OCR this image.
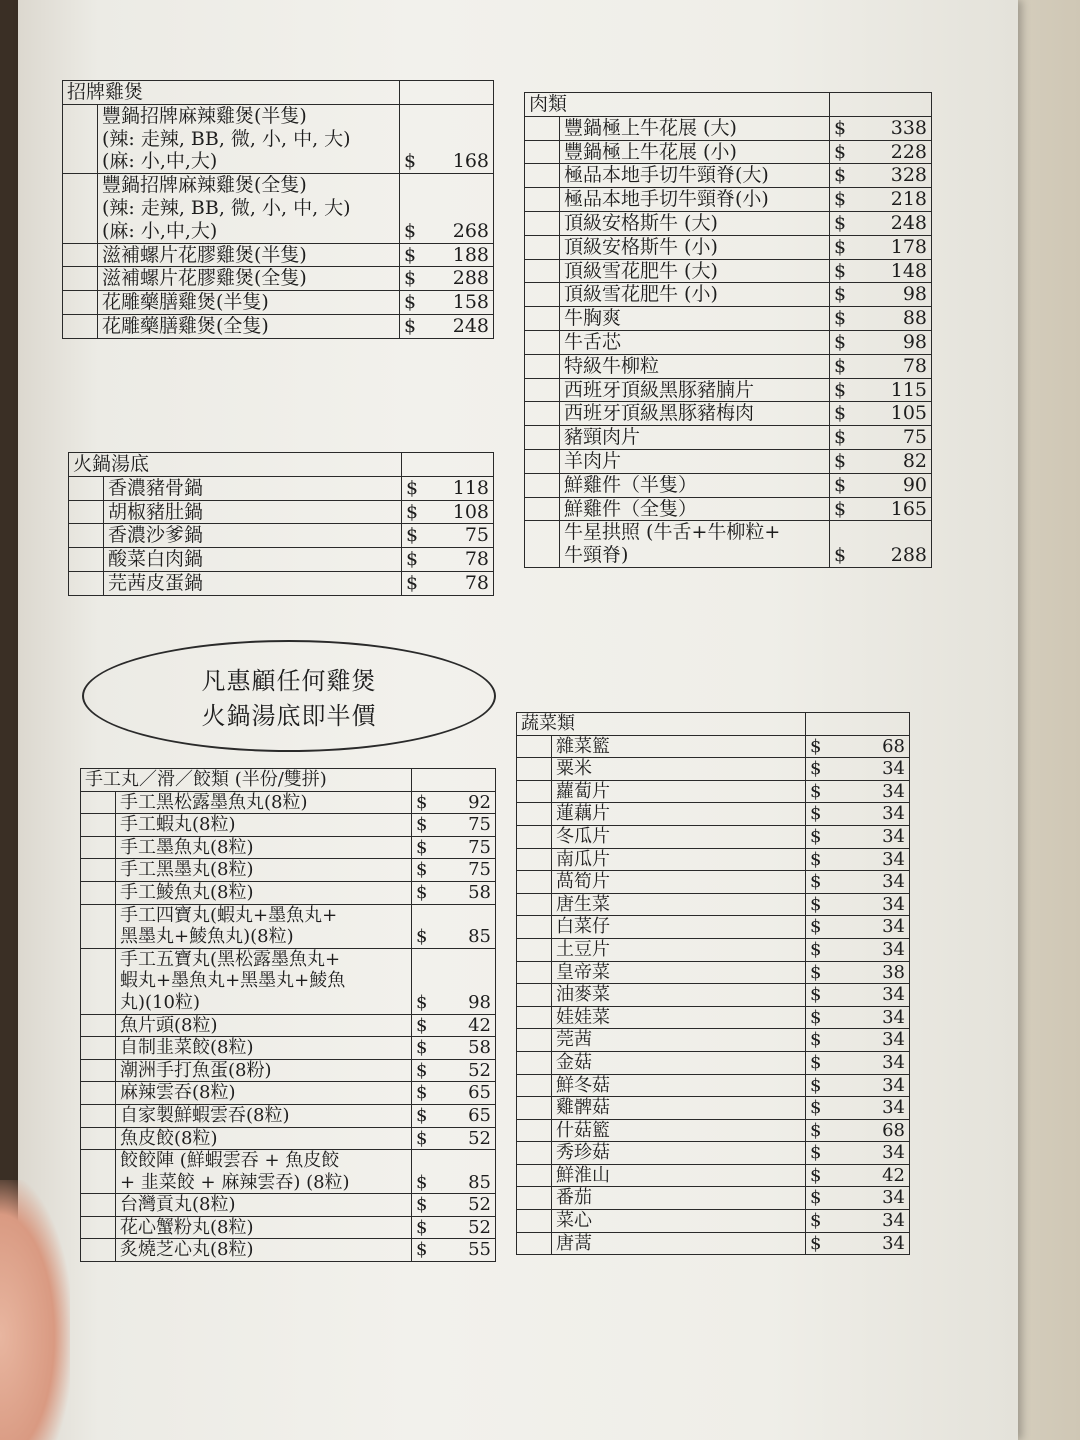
招牌雞煲		

	豐鍋招牌麻辣雞煲(半隻)
(辣: 走辣, BB, 微, 小, 中, 大)
(麻: 小,中,大)	$ 168

	豐鍋招牌麻辣雞煲(全隻)
(辣: 走辣, BB, 微, 小, 中, 大)
(麻: 小,中,大)	$ 268

	滋補螺片花膠雞煲(半隻)	$ 188

	滋補螺片花膠雞煲(全隻)	$ 288

	花雕藥膳雞煲(半隻)	$ 158

	花雕藥膳雞煲(全隻)	$ 248
火鍋湯底		

	香濃豬骨鍋	$ 118

	胡椒豬肚鍋	$ 108

	香濃沙爹鍋	$ 75

	酸菜白肉鍋	$ 78

	芫茜皮蛋鍋	$ 78
凡惠顧任何雞煲
火鍋湯底即半價
手工丸／滑／餃類 (半份/雙拼)		

	手工黑松露墨魚丸(8粒)	$ 92

	手工蝦丸(8粒)	$ 75

	手工墨魚丸(8粒)	$ 75

	手工黑墨丸(8粒)	$ 75

	手工鯪魚丸(8粒)	$ 58

	手工四寶丸(蝦丸+墨魚丸+
黑墨丸+鯪魚丸)(8粒)	$ 85

	手工五寶丸(黑松露墨魚丸+
蝦丸+墨魚丸+黑墨丸+鯪魚
丸)(10粒)	$ 98

	魚片頭(8粒)	$ 42

	自制韭菜餃(8粒)	$ 58

	潮洲手打魚蛋(8粉)	$ 52

	麻辣雲吞(8粒)	$ 65

	自家製鮮蝦雲吞(8粒)	$ 65

	魚皮餃(8粒)	$ 52

	餃餃陣 (鮮蝦雲吞 + 魚皮餃
+ 韭菜餃 + 麻辣雲吞) (8粒)	$ 85

	台灣貢丸(8粒)	$ 52

	花心蟹粉丸(8粒)	$ 52

	炙燒芝心丸(8粒)	$ 55
肉類		

	豐鍋極上牛花展 (大)	$ 338

	豐鍋極上牛花展 (小)	$ 228

	極品本地手切牛頸脊(大)	$ 328

	極品本地手切牛頸脊(小)	$ 218

	頂級安格斯牛 (大)	$ 248

	頂級安格斯牛 (小)	$ 178

	頂級雪花肥牛 (大)	$ 148

	頂級雪花肥牛 (小)	$ 98

	牛胸爽	$ 88

	牛舌芯	$ 98

	特級牛柳粒	$ 78

	西班牙頂級黑豚豬腩片	$ 115

	西班牙頂級黑豚豬梅肉	$ 105

	豬頸肉片	$ 75

	羊肉片	$ 82

	鮮雞件（半隻）	$ 90

	鮮雞件（全隻）	$ 165

	牛星拱照 (牛舌+牛柳粒+
牛頸脊)	$ 288
蔬菜類		

	雜菜籃	$ 68

	粟米	$ 34

	蘿蔔片	$ 34

	蓮藕片	$ 34

	冬瓜片	$ 34

	南瓜片	$ 34

	萵筍片	$ 34

	唐生菜	$ 34

	白菜仔	$ 34

	土豆片	$ 34

	皇帝菜	$ 38

	油麥菜	$ 34

	娃娃菜	$ 34

	莞茜	$ 34

	金菇	$ 34

	鮮冬菇	$ 34

	雞髀菇	$ 34

	什菇籃	$ 68

	秀珍菇	$ 34

	鮮淮山	$ 42

	番茄	$ 34

	菜心	$ 34

	唐蒿	$ 34
